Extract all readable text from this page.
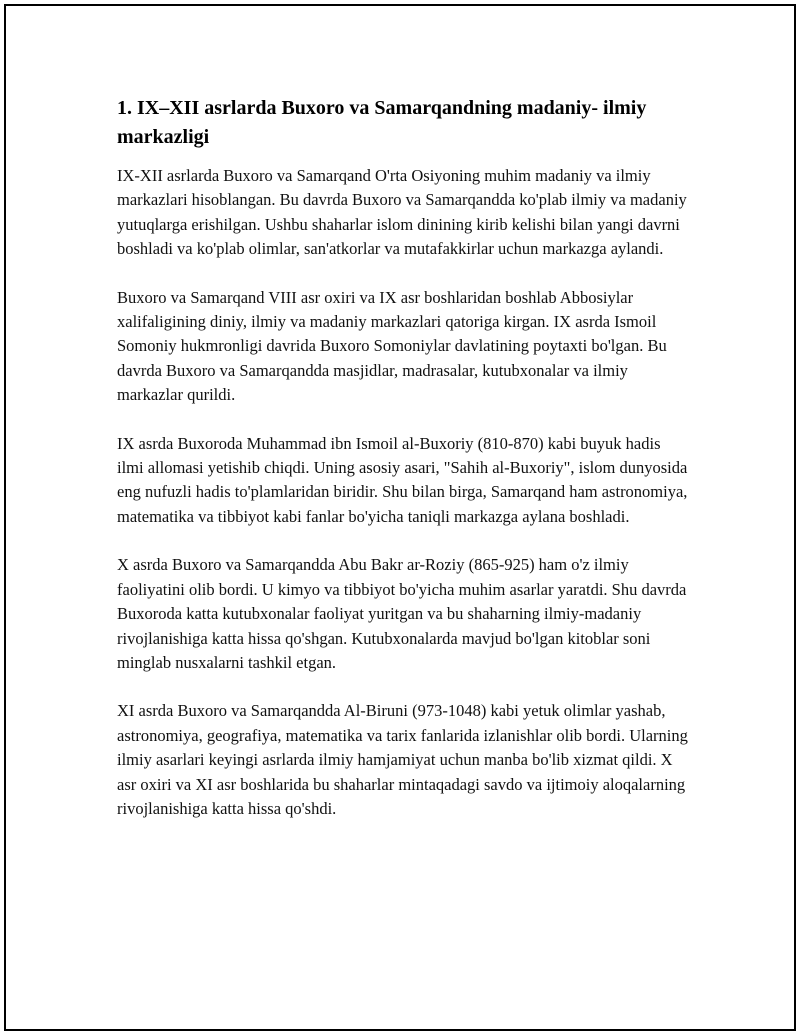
1. IX–XII asrlarda Buxoro va Samarqandning madaniy- ilmiy markazligi

IX-XII asrlarda Buxoro va Samarqand O'rta Osiyoning muhim madaniy va ilmiy markazlari hisoblangan. Bu davrda Buxoro va Samarqandda ko'plab ilmiy va madaniy yutuqlarga erishilgan. Ushbu shaharlar islom dinining kirib kelishi bilan yangi davrni boshladi va ko'plab olimlar, san'atkorlar va mutafakkirlar uchun markazga aylandi.

Buxoro va Samarqand VIII asr oxiri va IX asr boshlaridan boshlab Abbosiylar xalifaligining diniy, ilmiy va madaniy markazlari qatoriga kirgan. IX asrda Ismoil Somoniy hukmronligi davrida Buxoro Somoniylar davlatining poytaxti bo'lgan. Bu davrda Buxoro va Samarqandda masjidlar, madrasalar, kutubxonalar va ilmiy markazlar qurildi.

IX asrda Buxoroda Muhammad ibn Ismoil al-Buxoriy (810-870) kabi buyuk hadis ilmi allomasi yetishib chiqdi. Uning asosiy asari, "Sahih al-Buxoriy", islom dunyosida eng nufuzli hadis to'plamlaridan biridir. Shu bilan birga, Samarqand ham astronomiya, matematika va tibbiyot kabi fanlar bo'yicha taniqli markazga aylana boshladi.

X asrda Buxoro va Samarqandda Abu Bakr ar-Roziy (865-925) ham o'z ilmiy faoliyatini olib bordi. U kimyo va tibbiyot bo'yicha muhim asarlar yaratdi. Shu davrda Buxoroda katta kutubxonalar faoliyat yuritgan va bu shaharning ilmiy-madaniy rivojlanishiga katta hissa qo'shgan. Kutubxonalarda mavjud bo'lgan kitoblar soni minglab nusxalarni tashkil etgan.

XI asrda Buxoro va Samarqandda Al-Biruni (973-1048) kabi yetuk olimlar yashab, astronomiya, geografiya, matematika va tarix fanlarida izlanishlar olib bordi. Ularning ilmiy asarlari keyingi asrlarda ilmiy hamjamiyat uchun manba bo'lib xizmat qildi. X asr oxiri va XI asr boshlarida bu shaharlar mintaqadagi savdo va ijtimoiy aloqalarning rivojlanishiga katta hissa qo'shdi.
